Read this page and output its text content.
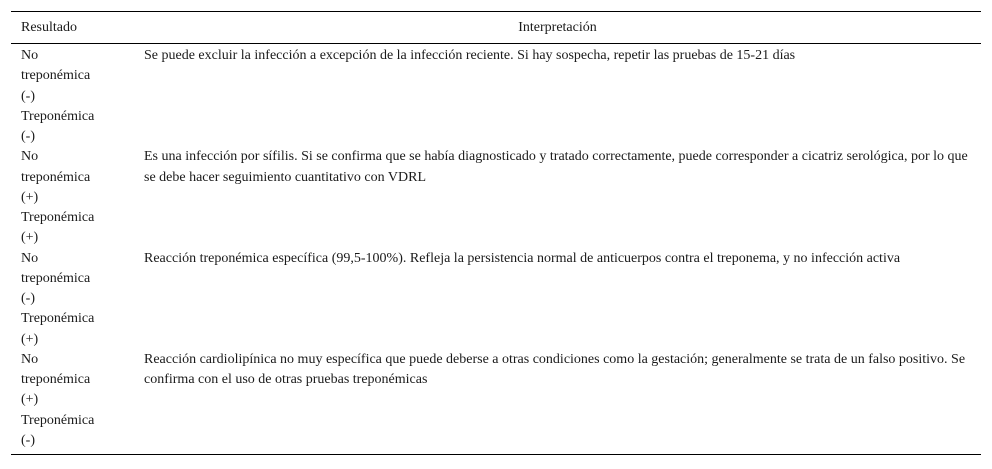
Resultado	Interpretación

No
treponémica
(-)
Treponémica
(-)	Se puede excluir la infección a excepción de la infección reciente. Si hay sospecha, repetir las pruebas de 15-21 días

No
treponémica
(+)
Treponémica
(+)	Es una infección por sífilis. Si se confirma que se había diagnosticado y tratado correctamente, puede corresponder a cicatriz serológica, por lo que se debe hacer seguimiento cuantitativo con VDRL

No
treponémica
(-)
Treponémica
(+)	Reacción treponémica específica (99,5-100%). Refleja la persistencia normal de anticuerpos contra el treponema, y no infección activa

No
treponémica
(+)
Treponémica
(-)	Reacción cardiolipínica no muy específica que puede deberse a otras condiciones como la gestación; generalmente se trata de un falso positivo. Se confirma con el uso de otras pruebas treponémicas
